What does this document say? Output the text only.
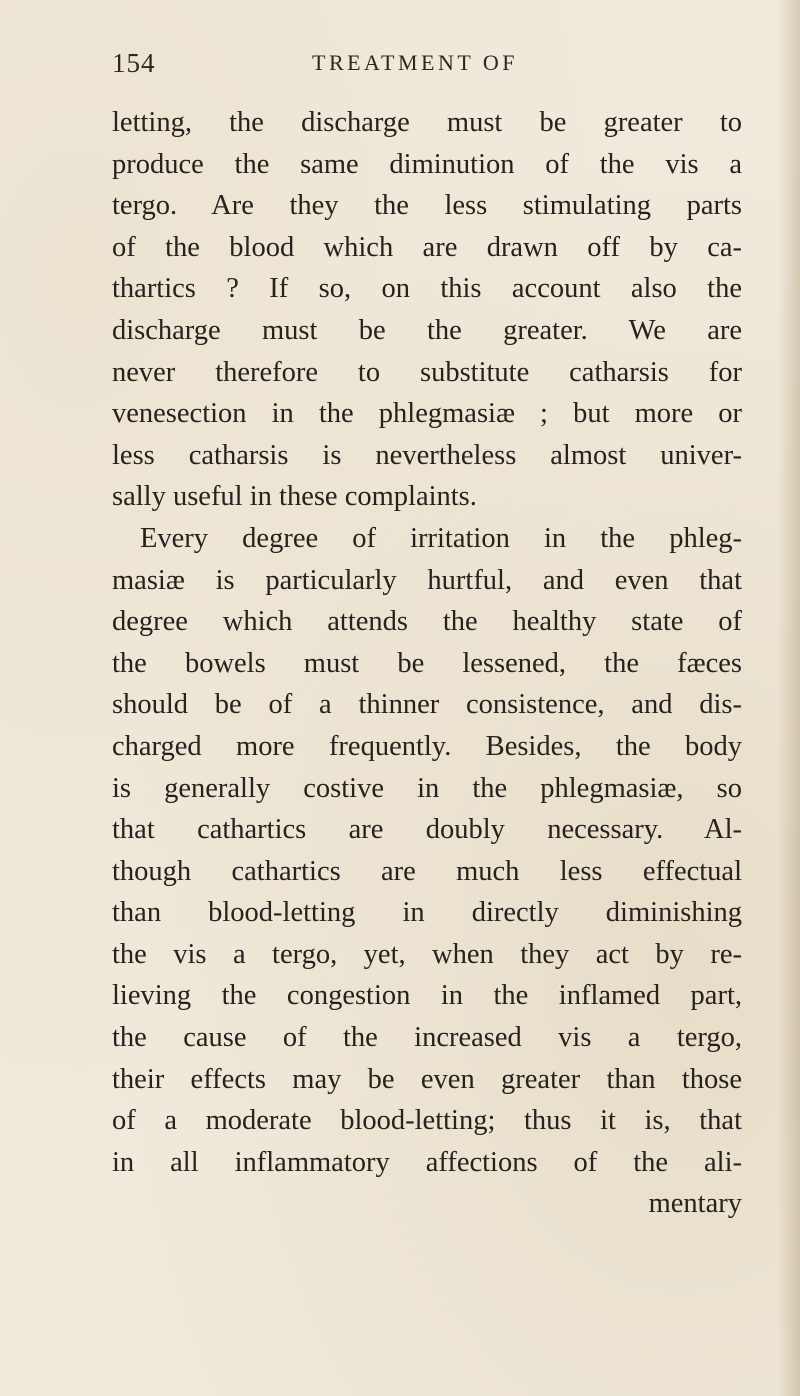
154	TREATMENT OF
letting, the discharge must be greater to
produce the same diminution of the vis a
tergo. Are they the less stimulating parts
of the blood which are drawn off by ca-
thartics ? If so, on this account also the
discharge must be the greater. We are
never therefore to substitute catharsis for
venesection in the phlegmasiæ ; but more or
less catharsis is nevertheless almost univer-
sally useful in these complaints.
Every degree of irritation in the phleg-
masiæ is particularly hurtful, and even that
degree which attends the healthy state of
the bowels must be lessened, the fæces
should be of a thinner consistence, and dis-
charged more frequently. Besides, the body
is generally costive in the phlegmasiæ, so
that cathartics are doubly necessary. Al-
though cathartics are much less effectual
than blood-letting in directly diminishing
the vis a tergo, yet, when they act by re-
lieving the congestion in the inflamed part,
the cause of the increased vis a tergo,
their effects may be even greater than those
of a moderate blood-letting; thus it is, that
in all inflammatory affections of the ali-
mentary
